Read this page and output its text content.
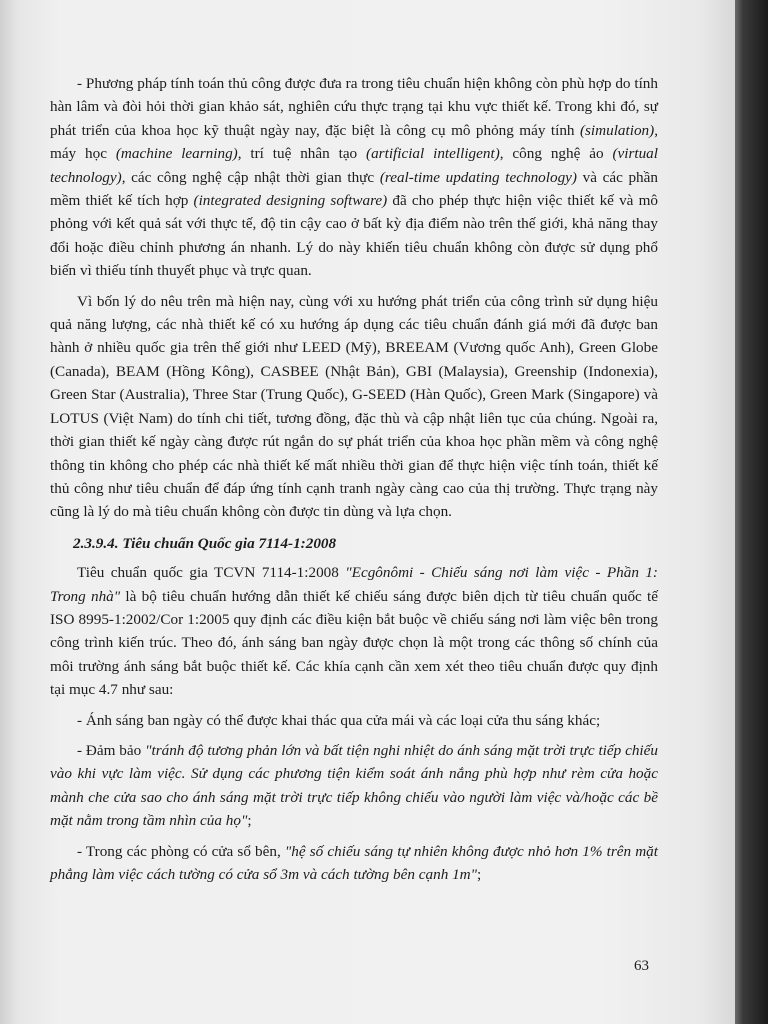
- Phương pháp tính toán thủ công được đưa ra trong tiêu chuẩn hiện không còn phù hợp do tính hàn lâm và đòi hỏi thời gian khảo sát, nghiên cứu thực trạng tại khu vực thiết kế. Trong khi đó, sự phát triển của khoa học kỹ thuật ngày nay, đặc biệt là công cụ mô phỏng máy tính (simulation), máy học (machine learning), trí tuệ nhân tạo (artificial intelligent), công nghệ ảo (virtual technology), các công nghệ cập nhật thời gian thực (real-time updating technology) và các phần mềm thiết kế tích hợp (integrated designing software) đã cho phép thực hiện việc thiết kế và mô phỏng với kết quả sát với thực tế, độ tin cậy cao ở bất kỳ địa điểm nào trên thế giới, khả năng thay đổi hoặc điều chỉnh phương án nhanh. Lý do này khiến tiêu chuẩn không còn được sử dụng phổ biến vì thiếu tính thuyết phục và trực quan.

Vì bốn lý do nêu trên mà hiện nay, cùng với xu hướng phát triển của công trình sử dụng hiệu quả năng lượng, các nhà thiết kế có xu hướng áp dụng các tiêu chuẩn đánh giá mới đã được ban hành ở nhiều quốc gia trên thế giới như LEED (Mỹ), BREEAM (Vương quốc Anh), Green Globe (Canada), BEAM (Hồng Kông), CASBEE (Nhật Bản), GBI (Malaysia), Greenship (Indonexia), Green Star (Australia), Three Star (Trung Quốc), G-SEED (Hàn Quốc), Green Mark (Singapore) và LOTUS (Việt Nam) do tính chi tiết, tương đồng, đặc thù và cập nhật liên tục của chúng. Ngoài ra, thời gian thiết kế ngày càng được rút ngắn do sự phát triển của khoa học phần mềm và công nghệ thông tin không cho phép các nhà thiết kế mất nhiều thời gian để thực hiện việc tính toán, thiết kế thủ công như tiêu chuẩn để đáp ứng tính cạnh tranh ngày càng cao của thị trường. Thực trạng này cũng là lý do mà tiêu chuẩn không còn được tin dùng và lựa chọn.

2.3.9.4. Tiêu chuẩn Quốc gia 7114-1:2008

Tiêu chuẩn quốc gia TCVN 7114-1:2008 "Ecgônômi - Chiếu sáng nơi làm việc - Phần 1: Trong nhà" là bộ tiêu chuẩn hướng dẫn thiết kế chiếu sáng được biên dịch từ tiêu chuẩn quốc tế ISO 8995-1:2002/Cor 1:2005 quy định các điều kiện bắt buộc về chiếu sáng nơi làm việc bên trong công trình kiến trúc. Theo đó, ánh sáng ban ngày được chọn là một trong các thông số chính của môi trường ánh sáng bắt buộc thiết kế. Các khía cạnh cần xem xét theo tiêu chuẩn được quy định tại mục 4.7 như sau:

- Ánh sáng ban ngày có thể được khai thác qua cửa mái và các loại cửa thu sáng khác;

- Đảm bảo "tránh độ tương phản lớn và bất tiện nghi nhiệt do ánh sáng mặt trời trực tiếp chiếu vào khi vực làm việc. Sử dụng các phương tiện kiểm soát ánh nắng phù hợp như rèm cửa hoặc mành che cửa sao cho ánh sáng mặt trời trực tiếp không chiếu vào người làm việc và/hoặc các bề mặt nằm trong tầm nhìn của họ";

- Trong các phòng có cửa sổ bên, "hệ số chiếu sáng tự nhiên không được nhỏ hơn 1% trên mặt phẳng làm việc cách tường có cửa sổ 3m và cách tường bên cạnh 1m";

63
